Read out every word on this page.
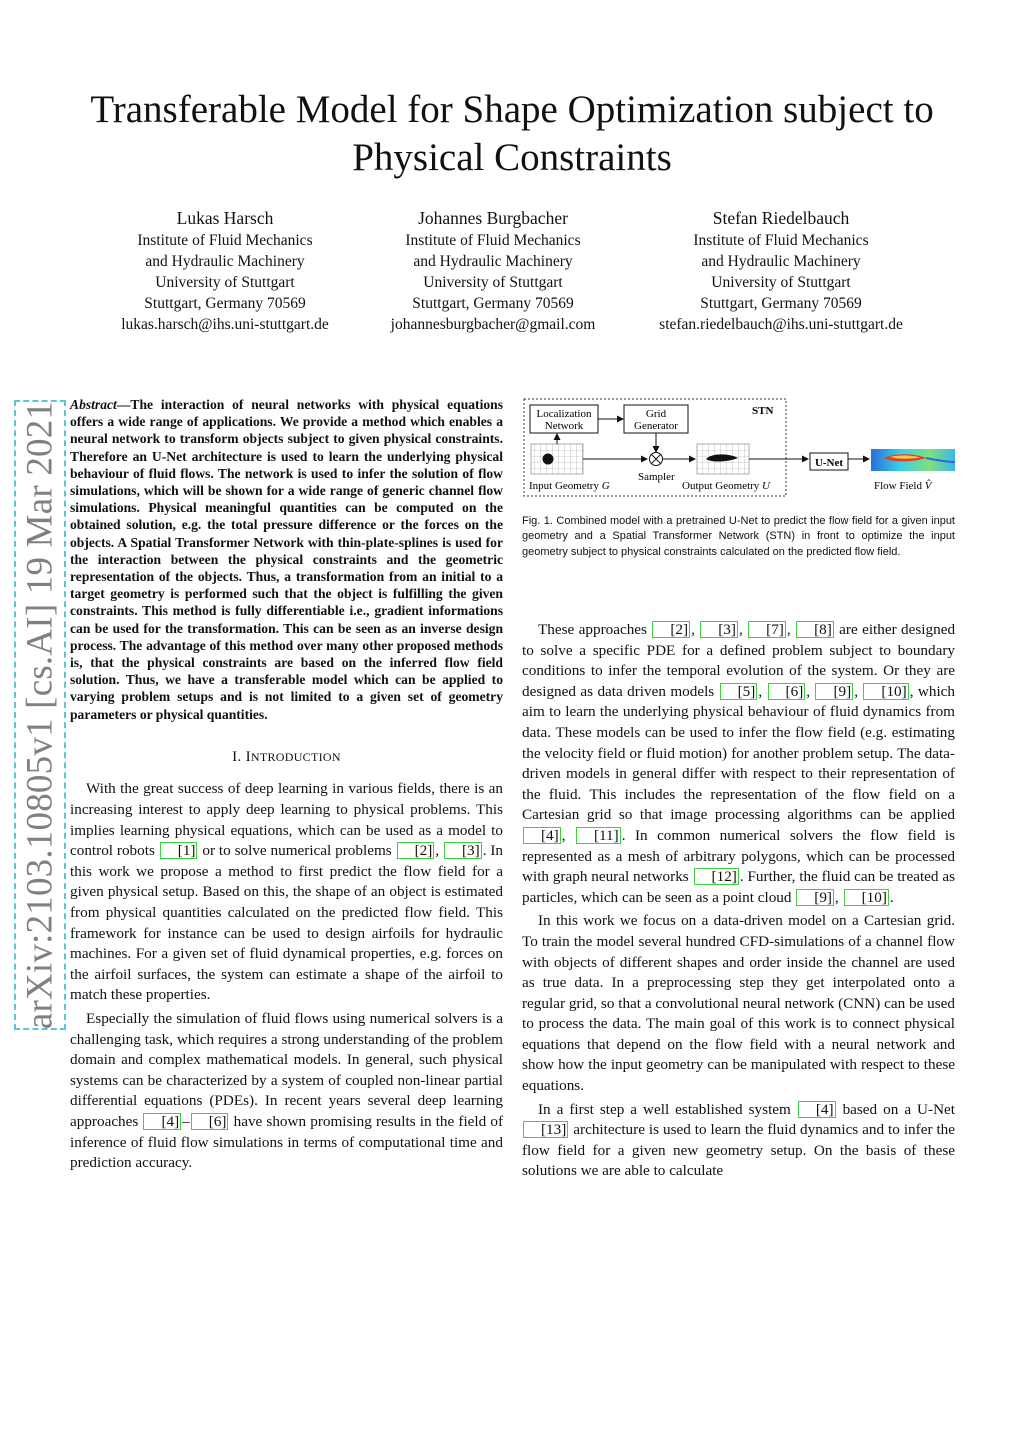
arXiv:2103.10805v1 [cs.AI] 19 Mar 2021
Transferable Model for Shape Optimization subject to Physical Constraints
Lukas Harsch
Institute of Fluid Mechanics
and Hydraulic Machinery
University of Stuttgart
Stuttgart, Germany 70569
lukas.harsch@ihs.uni-stuttgart.de
Johannes Burgbacher
Institute of Fluid Mechanics
and Hydraulic Machinery
University of Stuttgart
Stuttgart, Germany 70569
johannesburgbacher@gmail.com
Stefan Riedelbauch
Institute of Fluid Mechanics
and Hydraulic Machinery
University of Stuttgart
Stuttgart, Germany 70569
stefan.riedelbauch@ihs.uni-stuttgart.de
Abstract—The interaction of neural networks with physical equations offers a wide range of applications. We provide a method which enables a neural network to transform objects subject to given physical constraints. Therefore an U-Net architecture is used to learn the underlying physical behaviour of fluid flows. The network is used to infer the solution of flow simulations, which will be shown for a wide range of generic channel flow simulations. Physical meaningful quantities can be computed on the obtained solution, e.g. the total pressure difference or the forces on the objects. A Spatial Transformer Network with thin-plate-splines is used for the interaction between the physical constraints and the geometric representation of the objects. Thus, a transformation from an initial to a target geometry is performed such that the object is fulfilling the given constraints. This method is fully differentiable i.e., gradient informations can be used for the transformation. This can be seen as an inverse design process. The advantage of this method over many other proposed methods is, that the physical constraints are based on the inferred flow field solution. Thus, we have a transferable model which can be applied to varying problem setups and is not limited to a given set of geometry parameters or physical quantities.
I. INTRODUCTION

With the great success of deep learning in various fields, there is an increasing interest to apply deep learning to physical problems. This implies learning physical equations, which can be used as a model to control robots [1] or to solve numerical problems [2] , [3] . In this work we propose a method to first predict the flow field for a given physical setup. Based on this, the shape of an object is estimated from physical quantities calculated on the predicted flow field. This framework for instance can be used to design airfoils for hydraulic machines. For a given set of fluid dynamical properties, e.g. forces on the airfoil surfaces, the system can estimate a shape of the airfoil to match these properties.

Especially the simulation of fluid flows using numerical solvers is a challenging task, which requires a strong understanding of the problem domain and complex mathematical models. In general, such physical systems can be characterized by a system of coupled non-linear partial differential equations (PDEs). In recent years several deep learning approaches [4] – [6] have shown promising results in the field of inference of fluid flow simulations in terms of computational time and prediction accuracy.

STN
Localization
Network
Grid
Generator
Sampler
Input Geometry G	Output Geometry U
U-Net
Flow Field V̂
Fig. 1. Combined model with a pretrained U-Net to predict the flow field for a given input geometry and a Spatial Transformer Network (STN) in front to optimize the input geometry subject to physical constraints calculated on the predicted flow field.

These approaches [2] , [3] , [7] , [8] are either designed to solve a specific PDE for a defined problem subject to boundary conditions to infer the temporal evolution of the system. Or they are designed as data driven models [5] , [6] , [9] , [10] , which aim to learn the underlying physical behaviour of fluid dynamics from data. These models can be used to infer the flow field (e.g. estimating the velocity field or fluid motion) for another problem setup. The data-driven models in general differ with respect to their representation of the fluid. This includes the representation of the flow field on a Cartesian grid so that image processing algorithms can be applied [4] , [11] . In common numerical solvers the flow field is represented as a mesh of arbitrary polygons, which can be processed with graph neural networks [12] . Further, the fluid can be treated as particles, which can be seen as a point cloud [9] , [10] .

In this work we focus on a data-driven model on a Cartesian grid. To train the model several hundred CFD-simulations of a channel flow with objects of different shapes and order inside the channel are used as true data. In a preprocessing step they get interpolated onto a regular grid, so that a convolutional neural network (CNN) can be used to process the data. The main goal of this work is to connect physical equations that depend on the flow field with a neural network and show how the input geometry can be manipulated with respect to these equations.

In a first step a well established system [4] based on a U-Net [13] architecture is used to learn the fluid dynamics and to infer the flow field for a given new geometry setup. On the basis of these solutions we are able to calculate
